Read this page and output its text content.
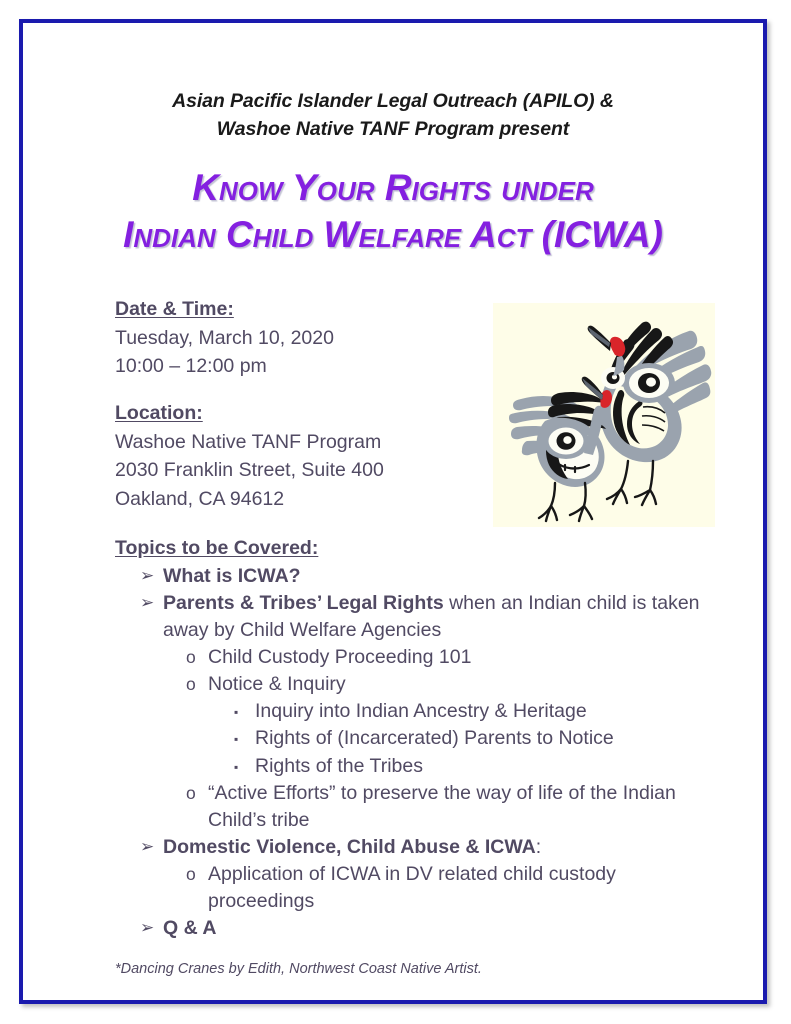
Asian Pacific Islander Legal Outreach (APILO) &
Washoe Native TANF Program present
Know Your Rights under
Indian Child Welfare Act (ICWA)
Date & Time:
Tuesday, March 10, 2020
10:00 – 12:00 pm
Location:
Washoe Native TANF Program
2030 Franklin Street, Suite 400
Oakland, CA 94612
Topics to be Covered:
➢ What is ICWA?
➢ Parents & Tribes’ Legal Rights when an Indian child is taken away by Child Welfare Agencies
o Child Custody Proceeding 101
o Notice & Inquiry
▪ Inquiry into Indian Ancestry & Heritage
▪ Rights of (Incarcerated) Parents to Notice
▪ Rights of the Tribes
o “Active Efforts” to preserve the way of life of the Indian Child’s tribe
➢ Domestic Violence, Child Abuse & ICWA:
o Application of ICWA in DV related child custody proceedings
➢ Q & A
*Dancing Cranes by Edith, Northwest Coast Native Artist.
